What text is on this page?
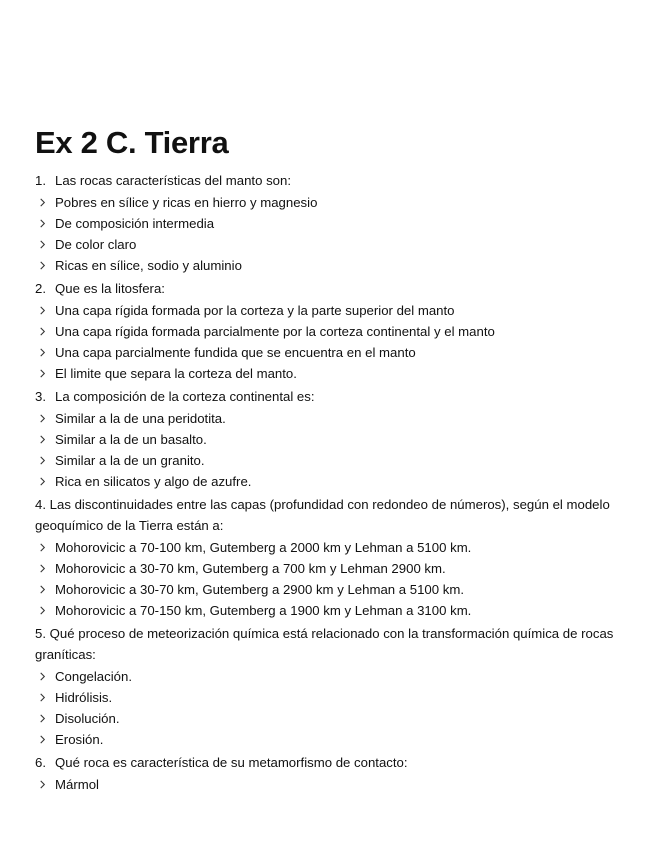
Ex 2 C. Tierra
1. Las rocas características del manto son:
Pobres en sílice y ricas en hierro y magnesio
De composición intermedia
De color claro
Ricas en sílice, sodio y aluminio
2. Que es la litosfera:
Una capa rígida formada por la corteza y la parte superior del manto
Una capa rígida formada parcialmente por la corteza continental y el manto
Una capa parcialmente fundida que se encuentra en el manto
El limite que separa la corteza del manto.
3. La composición de la corteza continental es:
Similar a la de una peridotita.
Similar a la de un basalto.
Similar a la de un granito.
Rica en silicatos y algo de azufre.
4. Las discontinuidades entre las capas (profundidad con redondeo de números), según el modelo geoquímico de la Tierra están a:
Mohorovicic a 70-100 km, Gutemberg a 2000 km y Lehman a 5100 km.
Mohorovicic a 30-70 km, Gutemberg a 700 km y Lehman 2900 km.
Mohorovicic a 30-70 km, Gutemberg a 2900 km y Lehman a 5100 km.
Mohorovicic a 70-150 km, Gutemberg a 1900 km y Lehman a 3100 km.
5. Qué proceso de meteorización química está relacionado con la transformación química de rocas graníticas:
Congelación.
Hidrólisis.
Disolución.
Erosión.
6. Qué roca es característica de su metamorfismo de contacto:
Mármol
